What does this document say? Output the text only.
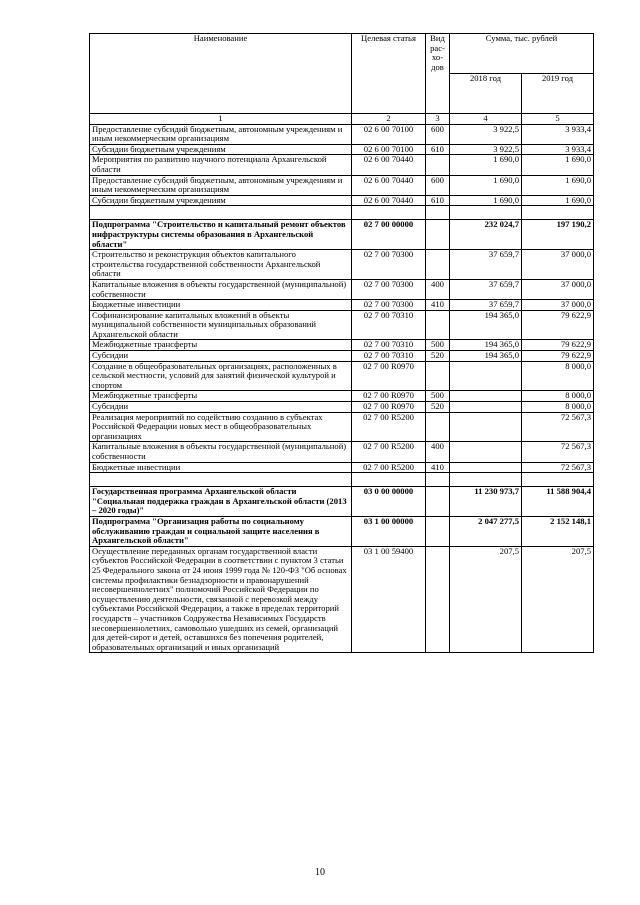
Наименование	Целевая статья	Вид рас-хо-дов	Сумма, тыс. рублей	
			2018 год	2019 год
1	2	3	4	5
Предоставление субсидий бюджетным, автономным учреждениям и иным некоммерческим организациям	02 6 00 70100	600	3 922,5	3 933,4
Субсидии бюджетным учреждениям	02 6 00 70100	610	3 922,5	3 933,4
Мероприятия по развитию научного потенциала Архангельской области	02 6 00 70440		1 690,0	1 690,0
Предоставление субсидий бюджетным, автономным учреждениям и иным некоммерческим организациям	02 6 00 70440	600	1 690,0	1 690,0
Субсидии бюджетным учреждениям	02 6 00 70440	610	1 690,0	1 690,0

Подпрограмма "Строительство и капитальный ремонт объектов инфраструктуры системы образования в Архангельской области"	02 7 00 00000		232 024,7	197 190,2
Строительство и реконструкция объектов капитального строительства государственной собственности Архангельской области	02 7 00 70300		37 659,7	37 000,0
Капитальные вложения в объекты государственной (муниципальной) собственности	02 7 00 70300	400	37 659,7	37 000,0
Бюджетные инвестиции	02 7 00 70300	410	37 659,7	37 000,0
Софинансирование капитальных вложений в объекты муниципальной собственности муниципальных образований Архангельской области	02 7 00 70310		194 365,0	79 622,9
Межбюджетные трансферты	02 7 00 70310	500	194 365,0	79 622,9
Субсидии	02 7 00 70310	520	194 365,0	79 622,9
Создание в общеобразовательных организациях, расположенных в сельской местности, условий для занятий физической культурой и спортом	02 7 00 R0970			8 000,0
Межбюджетные трансферты	02 7 00 R0970	500		8 000,0
Субсидии	02 7 00 R0970	520		8 000,0
Реализация мероприятий по содействию созданию в субъектах Российской Федерации новых мест в общеобразовательных организациях	02 7 00 R5200			72 567,3
Капитальные вложения в объекты государственной (муниципальной) собственности	02 7 00 R5200	400		72 567,3
Бюджетные инвестиции	02 7 00 R5200	410		72 567,3

Государственная программа Архангельской области "Социальная поддержка граждан в Архангельской области (2013 – 2020 годы)"	03 0 00 00000		11 230 973,7	11 588 904,4
Подпрограмма "Организация работы по социальному обслуживанию граждан и социальной защите населения в Архангельской области"	03 1 00 00000		2 047 277,5	2 152 148,1
Осуществление переданных органам государственной власти субъектов Российской Федерации в соответствии с пунктом 3 статьи 25 Федерального закона от 24 июня 1999 года № 120-ФЗ "Об основах системы профилактики безнадзорности и правонарушений несовершеннолетних" полномочий Российской Федерации по осуществлению деятельности, связанной с перевозкой между субъектами Российской Федерации, а также в пределах территорий государств – участников Содружества Независимых Государств несовершеннолетних, самовольно ушедших из семей, организаций для детей-сирот и детей, оставшихся без попечения родителей, образовательных организаций и иных организаций	03 1 00 59400		207,5	207,5
10
